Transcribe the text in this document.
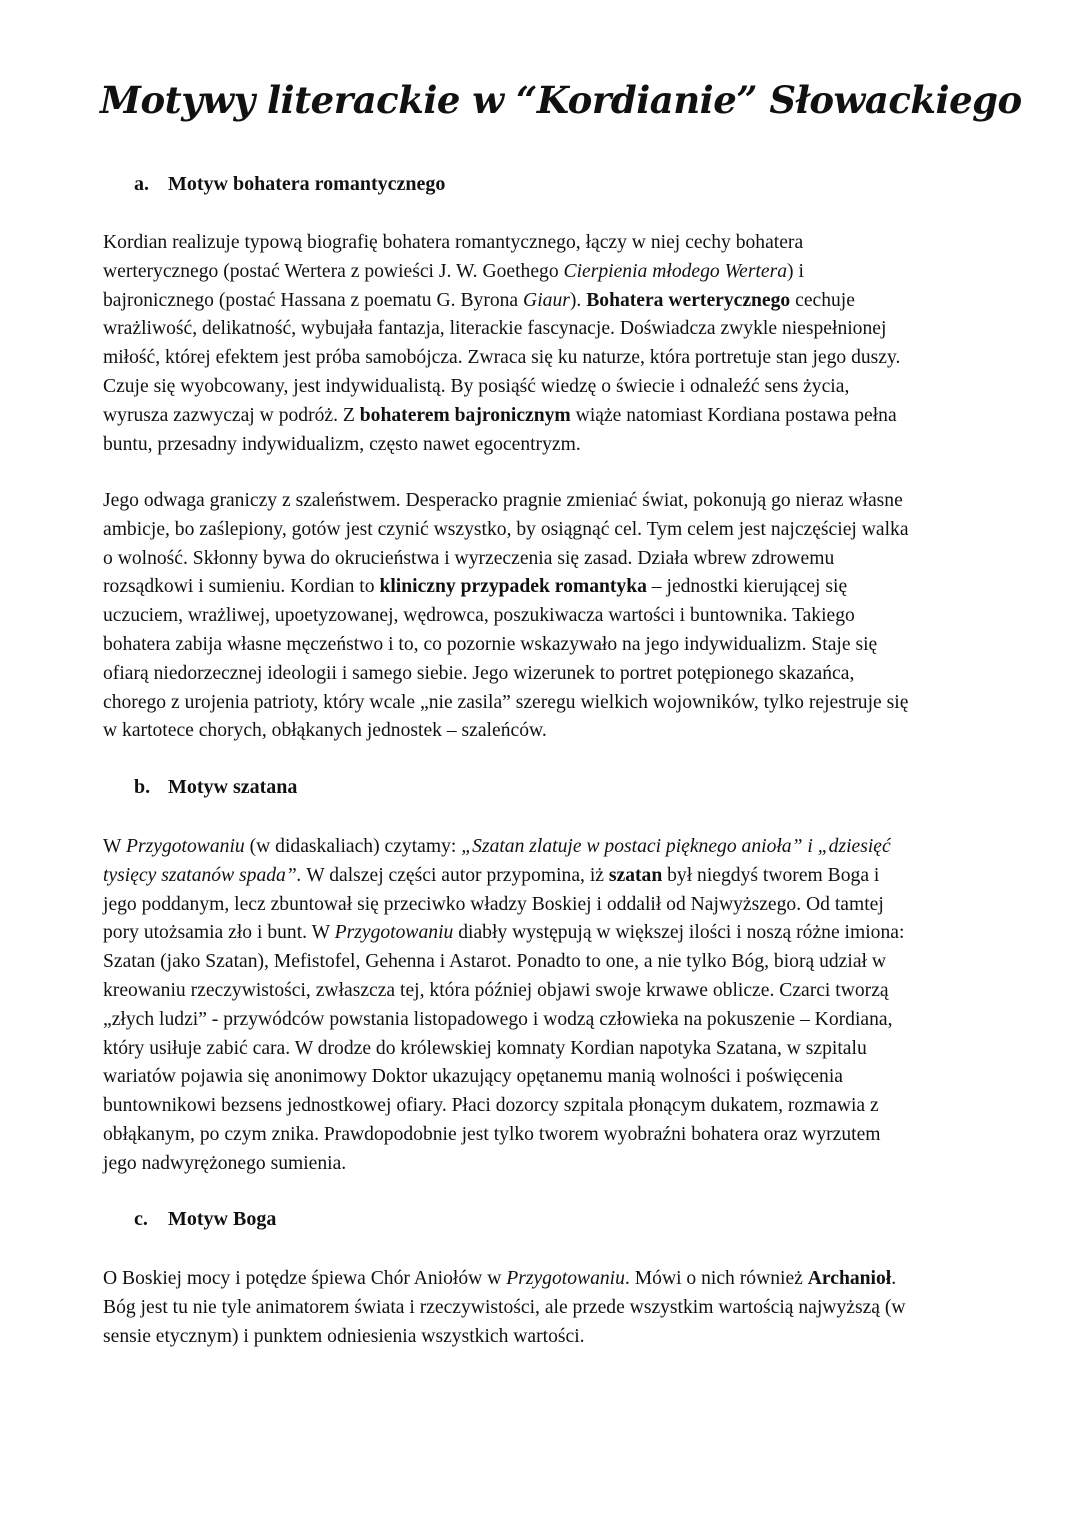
Motywy literackie w “Kordianie” Słowackiego
a. Motyw bohatera romantycznego

Kordian realizuje typową biografię bohatera romantycznego, łączy w niej cechy bohatera
werterycznego (postać Wertera z powieści J. W. Goethego Cierpienia młodego Wertera) i
bajronicznego (postać Hassana z poematu G. Byrona Giaur). Bohatera werterycznego cechuje
wrażliwość, delikatność, wybujała fantazja, literackie fascynacje. Doświadcza zwykle niespełnionej
miłość, której efektem jest próba samobójcza. Zwraca się ku naturze, która portretuje stan jego duszy.
Czuje się wyobcowany, jest indywidualistą. By posiąść wiedzę o świecie i odnaleźć sens życia,
wyrusza zazwyczaj w podróż. Z bohaterem bajronicznym wiąże natomiast Kordiana postawa pełna
buntu, przesadny indywidualizm, często nawet egocentryzm.

Jego odwaga graniczy z szaleństwem. Desperacko pragnie zmieniać świat, pokonują go nieraz własne
ambicje, bo zaślepiony, gotów jest czynić wszystko, by osiągnąć cel. Tym celem jest najczęściej walka
o wolność. Skłonny bywa do okrucieństwa i wyrzeczenia się zasad. Działa wbrew zdrowemu
rozsądkowi i sumieniu. Kordian to kliniczny przypadek romantyka – jednostki kierującej się
uczuciem, wrażliwej, upoetyzowanej, wędrowca, poszukiwacza wartości i buntownika. Takiego
bohatera zabija własne męczeństwo i to, co pozornie wskazywało na jego indywidualizm. Staje się
ofiarą niedorzecznej ideologii i samego siebie. Jego wizerunek to portret potępionego skazańca,
chorego z urojenia patrioty, który wcale „nie zasila” szeregu wielkich wojowników, tylko rejestruje się
w kartotece chorych, obłąkanych jednostek – szaleńców.

b. Motyw szatana

W Przygotowaniu (w didaskaliach) czytamy: „Szatan zlatuje w postaci pięknego anioła” i „dziesięć
tysięcy szatanów spada”. W dalszej części autor przypomina, iż szatan był niegdyś tworem Boga i
jego poddanym, lecz zbuntował się przeciwko władzy Boskiej i oddalił od Najwyższego. Od tamtej
pory utożsamia zło i bunt. W Przygotowaniu diabły występują w większej ilości i noszą różne imiona:
Szatan (jako Szatan), Mefistofel, Gehenna i Astarot. Ponadto to one, a nie tylko Bóg, biorą udział w
kreowaniu rzeczywistości, zwłaszcza tej, która później objawi swoje krwawe oblicze. Czarci tworzą
„złych ludzi” - przywódców powstania listopadowego i wodzą człowieka na pokuszenie – Kordiana,
który usiłuje zabić cara. W drodze do królewskiej komnaty Kordian napotyka Szatana, w szpitalu
wariatów pojawia się anonimowy Doktor ukazujący opętanemu manią wolności i poświęcenia
buntownikowi bezsens jednostkowej ofiary. Płaci dozorcy szpitala płonącym dukatem, rozmawia z
obłąkanym, po czym znika. Prawdopodobnie jest tylko tworem wyobraźni bohatera oraz wyrzutem
jego nadwyrężonego sumienia.

c. Motyw Boga

O Boskiej mocy i potędze śpiewa Chór Aniołów w Przygotowaniu. Mówi o nich również Archanioł.
Bóg jest tu nie tyle animatorem świata i rzeczywistości, ale przede wszystkim wartością najwyższą (w
sensie etycznym) i punktem odniesienia wszystkich wartości.
